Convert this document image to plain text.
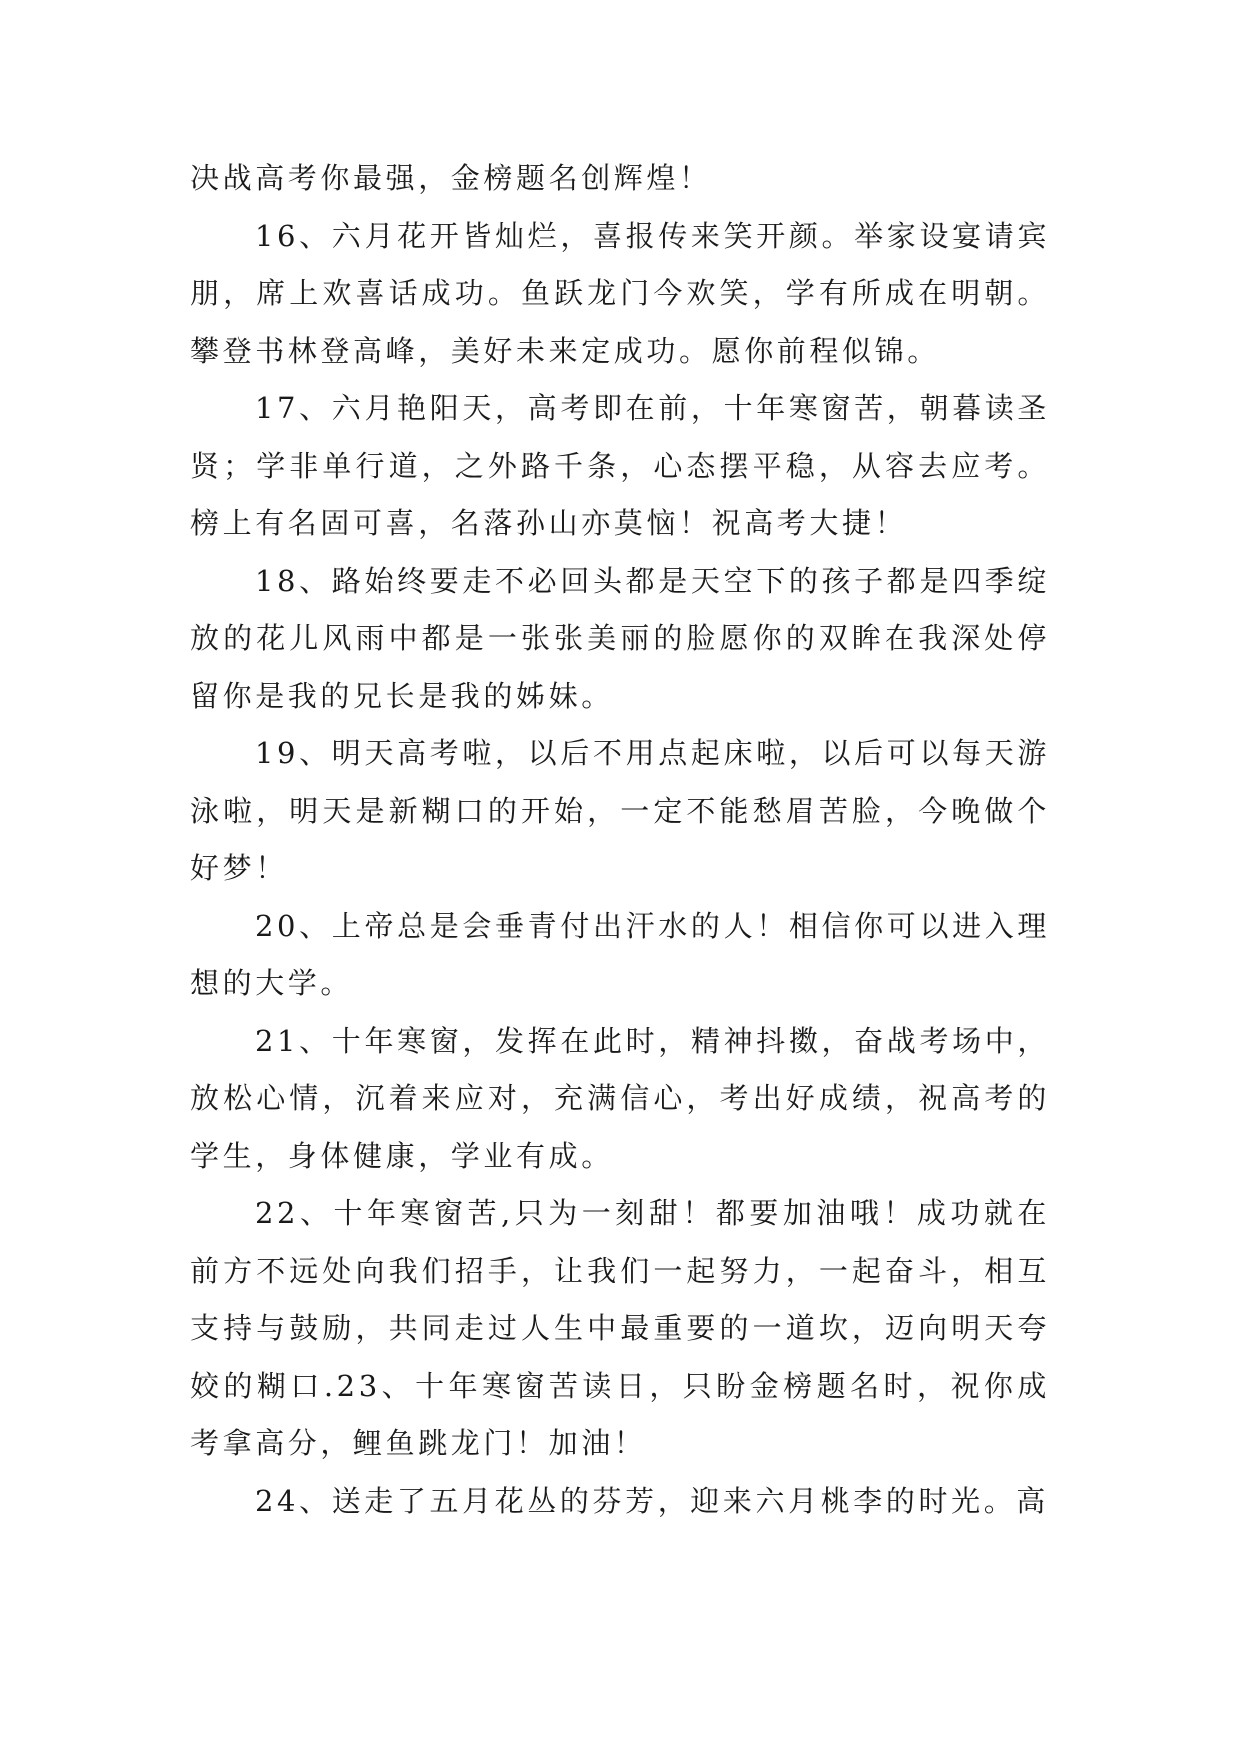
决战高考你最强，金榜题名创辉煌！

16、六月花开皆灿烂，喜报传来笑开颜。举家设宴请宾朋，席上欢喜话成功。鱼跃龙门今欢笑，学有所成在明朝。攀登书林登高峰，美好未来定成功。愿你前程似锦。

17、六月艳阳天，高考即在前，十年寒窗苦，朝暮读圣贤；学非单行道，之外路千条，心态摆平稳，从容去应考。榜上有名固可喜，名落孙山亦莫恼！祝高考大捷！

18、路始终要走不必回头都是天空下的孩子都是四季绽放的花儿风雨中都是一张张美丽的脸愿你的双眸在我深处停留你是我的兄长是我的姊妹。

19、明天高考啦，以后不用点起床啦，以后可以每天游泳啦，明天是新糊口的开始，一定不能愁眉苦脸，今晚做个好梦！

20、上帝总是会垂青付出汗水的人！相信你可以进入理想的大学。

21、十年寒窗，发挥在此时，精神抖擞，奋战考场中，放松心情，沉着来应对，充满信心，考出好成绩，祝高考的学生，身体健康，学业有成。

22、十年寒窗苦,只为一刻甜！都要加油哦！成功就在前方不远处向我们招手，让我们一起努力，一起奋斗，相互支持与鼓励，共同走过人生中最重要的一道坎，迈向明天夸姣的糊口.23、十年寒窗苦读日，只盼金榜题名时，祝你成考拿高分，鲤鱼跳龙门！加油！

24、送走了五月花丛的芬芳，迎来六月桃李的时光。高
